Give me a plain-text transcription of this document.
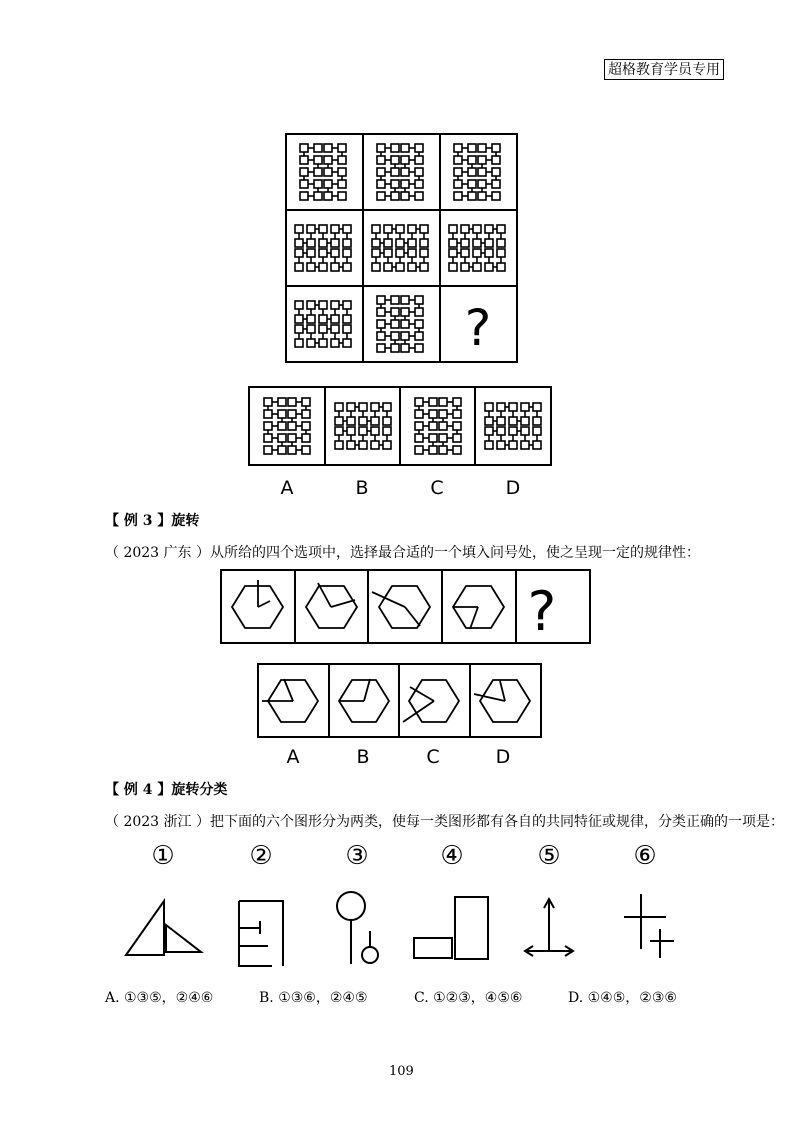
超格教育学员专用
?
A	B	C	D
【 例 3 】旋转
（ 2023 广东 ）从所给的四个选项中，选择最合适的一个填入问号处，使之呈现一定的规律性：
?
A	B	C	D
【 例 4 】旋转分类
（ 2023 浙江 ）把下面的六个图形分为两类，使每一类图形都有各自的共同特征或规律，分类正确的一项是：
①	②	③	④	⑤	⑥
A. ①③⑤，②④⑥	B. ①③⑥，②④⑤	C. ①②③，④⑤⑥	D. ①④⑤，②③⑥
109
